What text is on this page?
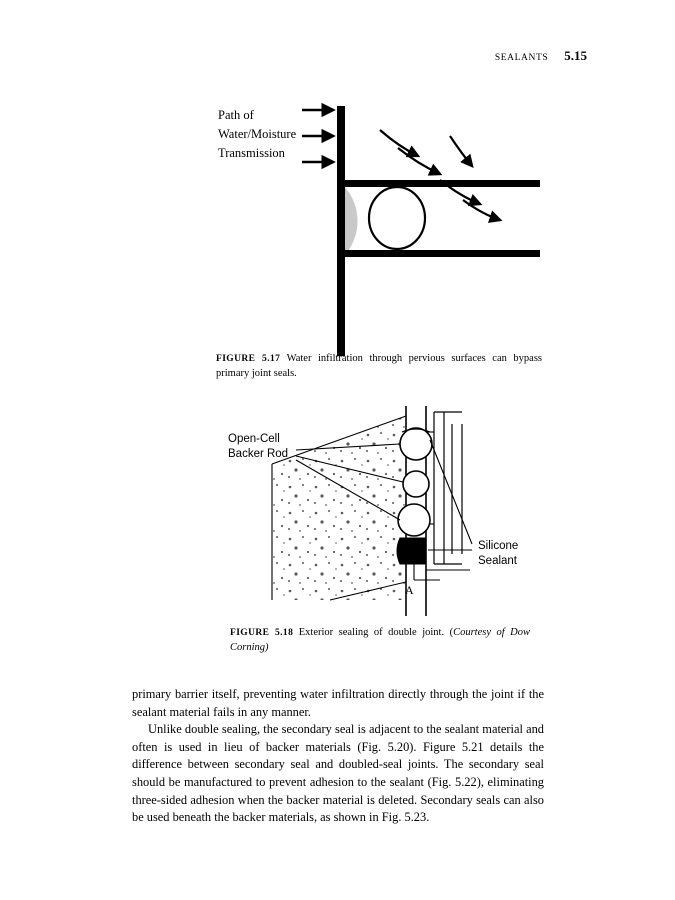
SEALANTS 5.15
Path of
Water/Moisture
Transmission
FIGURE 5.17 Water infiltration through pervious surfaces can bypass primary joint seals.
Open-Cell
Backer Rod
Silicone
Sealant
A
FIGURE 5.18 Exterior sealing of double joint. (Courtesy of Dow Corning)

primary barrier itself, preventing water infiltration directly through the joint if the sealant material fails in any manner.

Unlike double sealing, the secondary seal is adjacent to the sealant material and often is used in lieu of backer materials (Fig. 5.20). Figure 5.21 details the difference between secondary seal and doubled-seal joints. The secondary seal should be manufactured to prevent adhesion to the sealant (Fig. 5.22), eliminating three-sided adhesion when the backer material is deleted. Secondary seals can also be used beneath the backer materials, as shown in Fig. 5.23.
